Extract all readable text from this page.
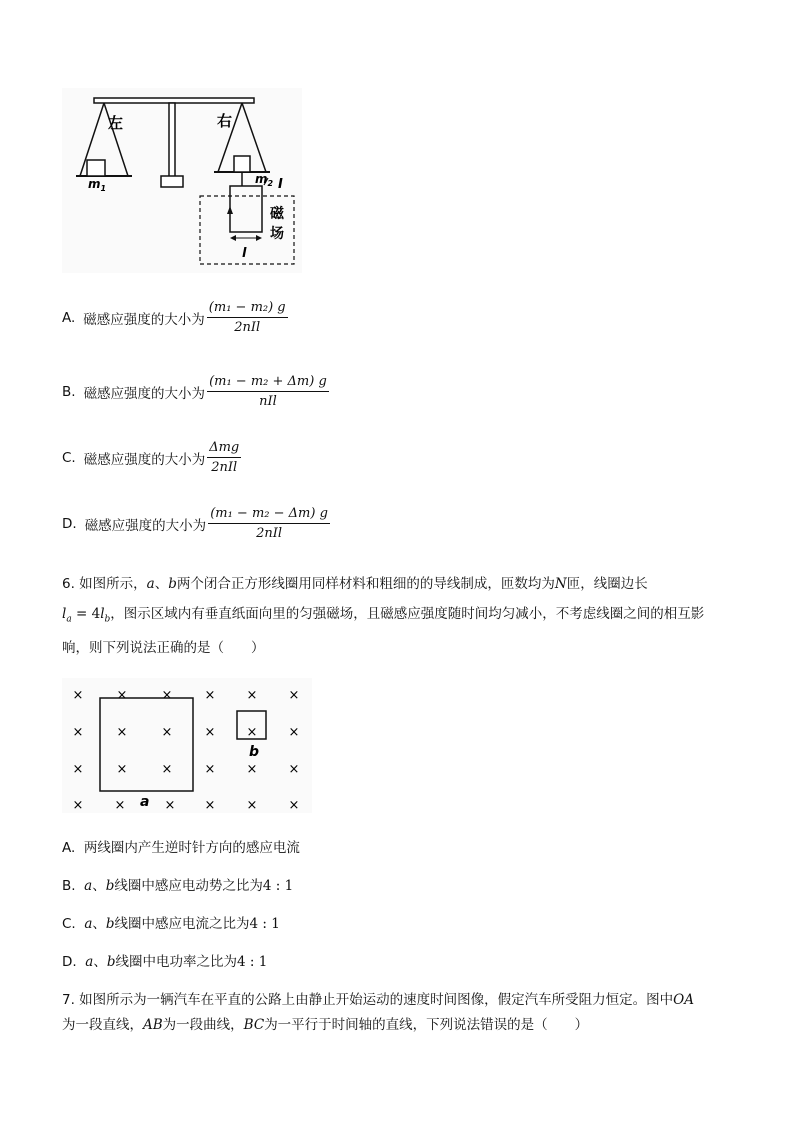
左	右
$m_1$
$m_2$ I
磁
场
l
A. 磁感应强度的大小为 $\frac{\text{(m₁ − m₂) g}}{\text{2nIl}}$
B. 磁感应强度的大小为 $\frac{\text{(m₁ − m₂ + Δm) g}}{\text{nIl}}$
C. 磁感应强度的大小为 $\frac{\text{Δmg}}{\text{2nIl}}$
D. 磁感应强度的大小为 $\frac{\text{(m₁ − m₂ − Δm) g}}{\text{2nIl}}$
6. 如图所示，a、b两个闭合正方形线圈用同样材料和粗细的的导线制成，匝数均为N匝，线圈边长
$l_a = 4l_b$，图示区域内有垂直纸面向里的匀强磁场，且磁感应强度随时间均匀减小，不考虑线圈之间的相互影
响，则下列说法正确的是（　　）
×	×	× × × ×
×	×	× × × ×
×	×	× × × ×
× ×	× × × ×
a
b
A. 两线圈内产生逆时针方向的感应电流
B. a、b线圈中感应电动势之比为4 : 1
C. a、b线圈中感应电流之比为4 : 1
D. a、b线圈中电功率之比为4 : 1
7. 如图所示为一辆汽车在平直的公路上由静止开始运动的速度时间图像，假定汽车所受阻力恒定。图中OA
为一段直线，AB为一段曲线，BC为一平行于时间轴的直线，下列说法错误的是（　　）
